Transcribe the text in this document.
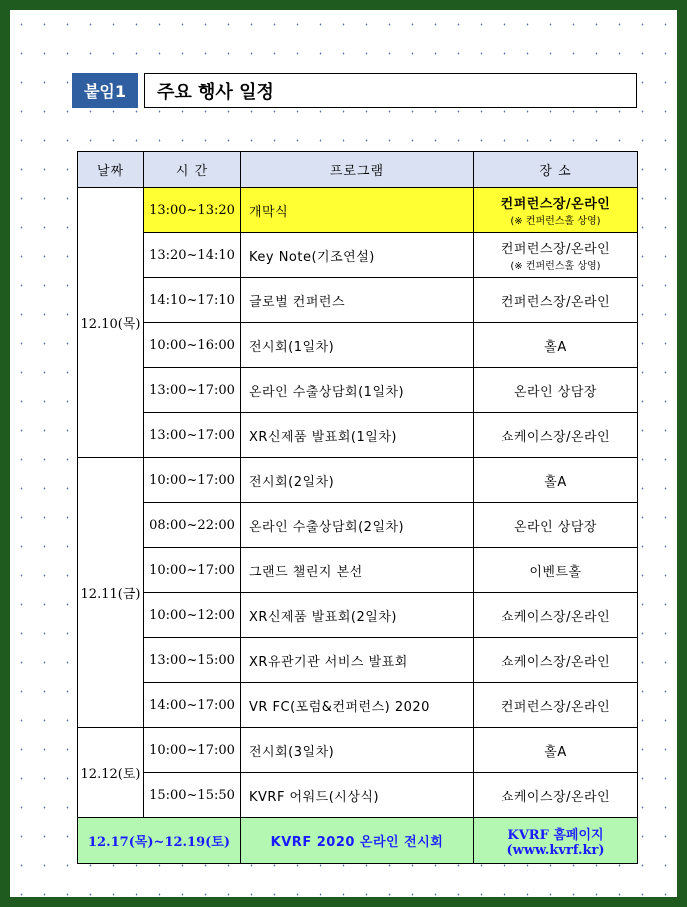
붙임1	주요 행사 일정
날짜	시 간	프로그램	장 소
12.10(목)	13:00~13:20	개막식	컨퍼런스장/온라인
(※ 컨퍼런스홀 상영)

	13:20~14:10	Key Note(기조연설)	컨퍼런스장/온라인
(※ 컨퍼런스홀 상영)

	14:10~17:10	글로벌 컨퍼런스	컨퍼런스장/온라인
	10:00~16:00	전시회(1일차)	홀A
	13:00~17:00	온라인 수출상담회(1일차)	온라인 상담장
	13:00~17:00	XR신제품 발표회(1일차)	쇼케이스장/온라인
12.11(금)	10:00~17:00	전시회(2일차)	홀A
	08:00~22:00	온라인 수출상담회(2일차)	온라인 상담장
	10:00~17:00	그랜드 챌린지 본선	이벤트홀
	10:00~12:00	XR신제품 발표회(2일차)	쇼케이스장/온라인
	13:00~15:00	XR유관기관 서비스 발표회	쇼케이스장/온라인
	14:00~17:00	VR FC(포럼&컨퍼런스) 2020	컨퍼런스장/온라인
12.12(토)	10:00~17:00	전시회(3일차)	홀A
	15:00~15:50	KVRF 어워드(시상식)	쇼케이스장/온라인
12.17(목)~12.19(토)		KVRF 2020 온라인 전시회	KVRF 홈페이지
(www.kvrf.kr)
